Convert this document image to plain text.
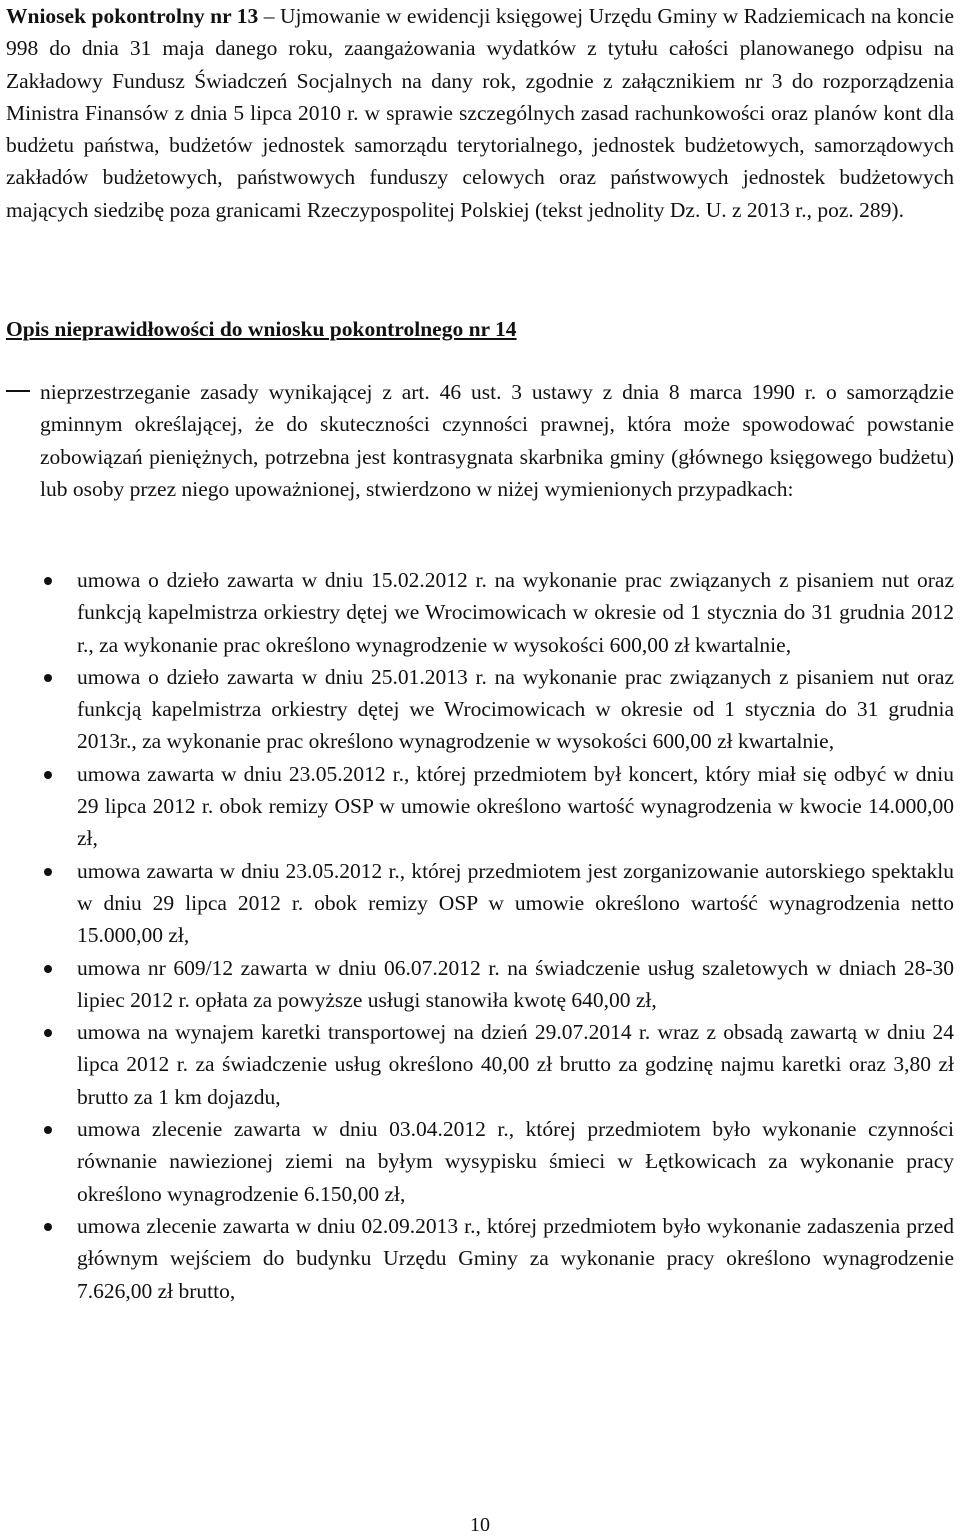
Wniosek pokontrolny nr 13 – Ujmowanie w ewidencji księgowej Urzędu Gminy w Radziemicach na koncie 998 do dnia 31 maja danego roku, zaangażowania wydatków z tytułu całości planowanego odpisu na Zakładowy Fundusz Świadczeń Socjalnych na dany rok, zgodnie z załącznikiem nr 3 do rozporządzenia Ministra Finansów z dnia 5 lipca 2010 r. w sprawie szczególnych zasad rachunkowości oraz planów kont dla budżetu państwa, budżetów jednostek samorządu terytorialnego, jednostek budżetowych, samorządowych zakładów budżetowych, państwowych funduszy celowych oraz państwowych jednostek budżetowych mających siedzibę poza granicami Rzeczypospolitej Polskiej (tekst jednolity Dz. U. z 2013 r., poz. 289).

Opis nieprawidłowości do wniosku pokontrolnego nr 14

nieprzestrzeganie zasady wynikającej z art. 46 ust. 3 ustawy z dnia 8 marca 1990 r. o samorządzie gminnym określającej, że do skuteczności czynności prawnej, która może spowodować powstanie zobowiązań pieniężnych, potrzebna jest kontrasygnata skarbnika gminy (głównego księgowego budżetu) lub osoby przez niego upoważnionej, stwierdzono w niżej wymienionych przypadkach:

umowa o dzieło zawarta w dniu 15.02.2012 r. na wykonanie prac związanych z pisaniem nut oraz funkcją kapelmistrza orkiestry dętej we Wrocimowicach w okresie od 1 stycznia do 31 grudnia 2012 r., za wykonanie prac określono wynagrodzenie w wysokości 600,00 zł kwartalnie,
umowa o dzieło zawarta w dniu 25.01.2013 r. na wykonanie prac związanych z pisaniem nut oraz funkcją kapelmistrza orkiestry dętej we Wrocimowicach w okresie od 1 stycznia do 31 grudnia 2013r., za wykonanie prac określono wynagrodzenie w wysokości 600,00 zł kwartalnie,
umowa zawarta w dniu 23.05.2012 r., której przedmiotem był koncert, który miał się odbyć w dniu 29 lipca 2012 r. obok remizy OSP w umowie określono wartość wynagrodzenia w kwocie 14.000,00 zł,
umowa zawarta w dniu 23.05.2012 r., której przedmiotem jest zorganizowanie autorskiego spektaklu w dniu 29 lipca 2012 r. obok remizy OSP w umowie określono wartość wynagrodzenia netto 15.000,00 zł,
umowa nr 609/12 zawarta w dniu 06.07.2012 r. na świadczenie usług szaletowych w dniach 28-30 lipiec 2012 r. opłata za powyższe usługi stanowiła kwotę 640,00 zł,
umowa na wynajem karetki transportowej na dzień 29.07.2014 r. wraz z obsadą zawartą w dniu 24 lipca 2012 r. za świadczenie usług określono 40,00 zł brutto za godzinę najmu karetki oraz 3,80 zł brutto za 1 km dojazdu,
umowa zlecenie zawarta w dniu 03.04.2012 r., której przedmiotem było wykonanie czynności równanie nawiezionej ziemi na byłym wysypisku śmieci w Łętkowicach za wykonanie pracy określono wynagrodzenie 6.150,00 zł,
umowa zlecenie zawarta w dniu 02.09.2013 r., której przedmiotem było wykonanie zadaszenia przed głównym wejściem do budynku Urzędu Gminy za wykonanie pracy określono wynagrodzenie 7.626,00 zł brutto,

10
